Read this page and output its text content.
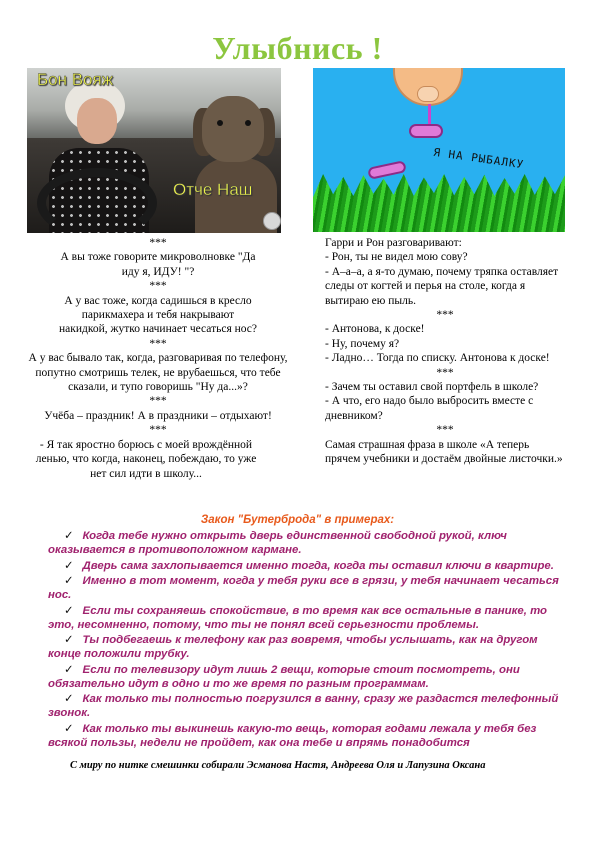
Улыбнись !
Бон Вояж
Отче Наш
Я НА РЫБАЛКУ
***
А вы тоже говорите микроволновке "Да иду я, ИДУ! "?
***
А у вас тоже, когда садишься в кресло парикмахера и тебя накрывают накидкой, жутко начинает чесаться нос?
***
А у вас бывало так, когда, разговаривая по телефону, попутно смотришь телек, не врубаешься, что тебе сказали, и тупо говоришь "Ну да...»?
***
Учёба – праздник! А в праздники – отдыхают!
***
- Я так яростно борюсь с моей врождённой ленью, что когда, наконец, побеждаю, то уже нет сил идти в школу...
Гарри и Рон разговаривают:
- Рон, ты не видел мою сову?
- А–а–а, а я-то думаю, почему тряпка оставляет следы от когтей и перья на столе, когда я вытираю ею пыль.
***
- Антонова, к доске!
- Ну, почему я?
- Ладно… Тогда по списку. Антонова к доске!
***
- Зачем ты оставил свой портфель в школе?
- А что, его надо было выбросить вместе с дневником?
***
Самая страшная фраза в школе «А теперь прячем учебники и достаём двойные листочки.»
Закон "Бутерброда" в примерах:
✓ Когда тебе нужно открыть дверь единственной свободной рукой, ключ оказывается в противоположном кармане.
✓ Дверь сама захлопывается именно тогда, когда ты оставил ключи в квартире.
✓ Именно в тот момент, когда у тебя руки все в грязи, у тебя начинает чесаться нос.
✓ Если ты сохраняешь спокойствие, в то время как все остальные в панике, то это, несомненно, потому, что ты не понял всей серьезности проблемы.
✓ Ты подбегаешь к телефону как раз вовремя, чтобы услышать, как на другом конце положили трубку.
✓ Если по телевизору идут лишь 2 вещи, которые стоит посмотреть, они обязательно идут в одно и то же время по разным программам.
✓ Как только ты полностью погрузился в ванну, сразу же раздастся телефонный звонок.
✓ Как только ты выкинешь какую-то вещь, которая годами лежала у тебя без всякой пользы, недели не пройдет, как она тебе и впрямь понадобится
С миру по нитке смешинки собирали Эсманова Настя, Андреева Оля и Лапузина Оксана
